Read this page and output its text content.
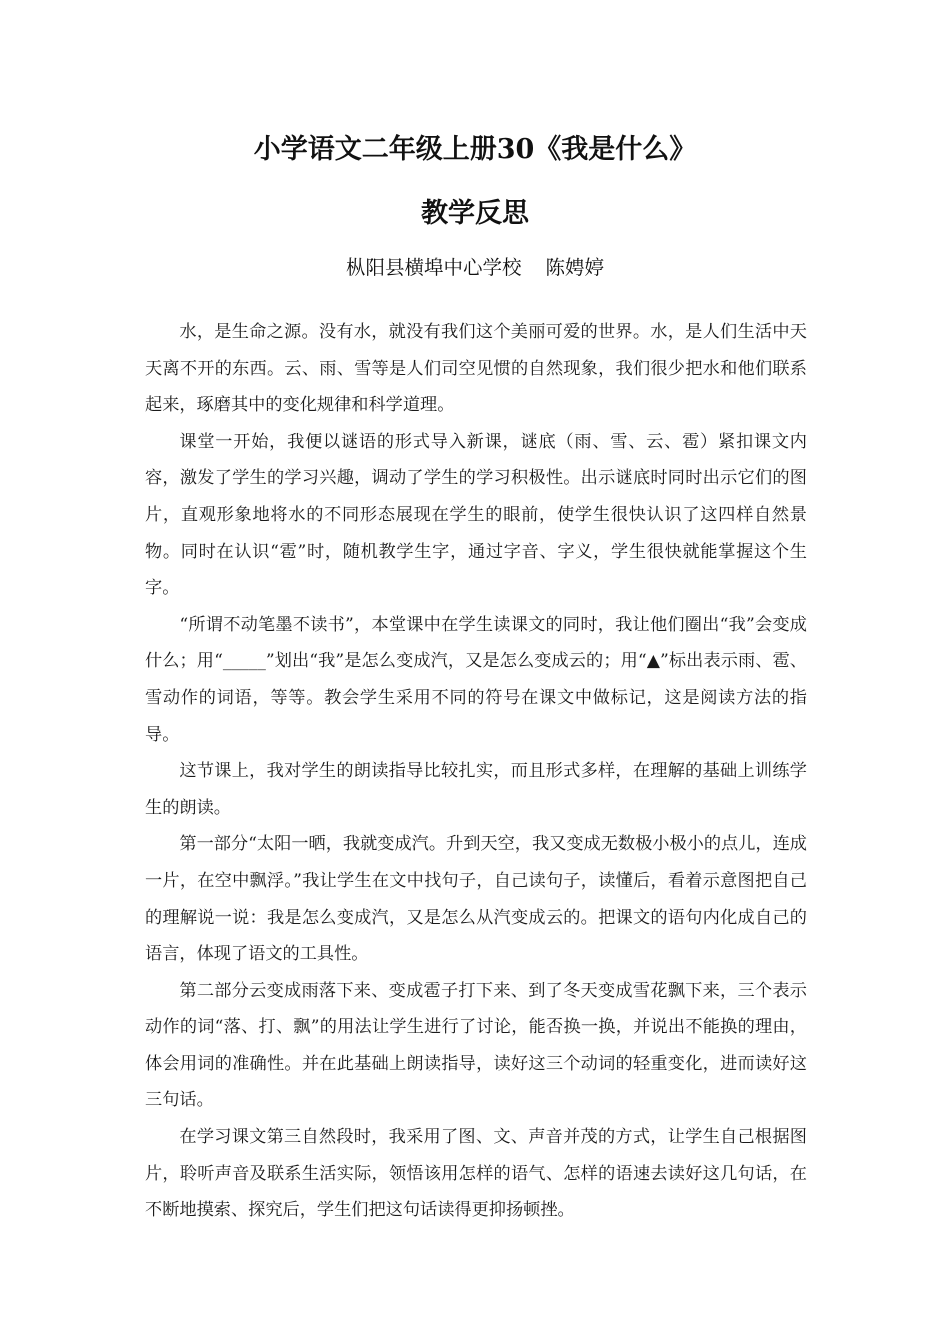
小学语文二年级上册30《我是什么》
教学反思
枞阳县横埠中心学校 陈娉婷

水，是生命之源。没有水，就没有我们这个美丽可爱的世界。水，是人们生活中天天离不开的东西。云、雨、雪等是人们司空见惯的自然现象，我们很少把水和他们联系起来，琢磨其中的变化规律和科学道理。

课堂一开始，我便以谜语的形式导入新课，谜底（雨、雪、云、雹）紧扣课文内容，激发了学生的学习兴趣，调动了学生的学习积极性。出示谜底时同时出示它们的图片，直观形象地将水的不同形态展现在学生的眼前，使学生很快认识了这四样自然景物。同时在认识“雹”时，随机教学生字，通过字音、字义，学生很快就能掌握这个生字。

“所谓不动笔墨不读书”，本堂课中在学生读课文的同时，我让他们圈出“我”会变成什么；用“_____”划出“我”是怎么变成汽，又是怎么变成云的；用“▲”标出表示雨、雹、雪动作的词语，等等。教会学生采用不同的符号在课文中做标记，这是阅读方法的指导。

这节课上，我对学生的朗读指导比较扎实，而且形式多样，在理解的基础上训练学生的朗读。

第一部分“太阳一晒，我就变成汽。升到天空，我又变成无数极小极小的点儿，连成一片，在空中飘浮。”我让学生在文中找句子，自己读句子，读懂后，看着示意图把自己的理解说一说：我是怎么变成汽，又是怎么从汽变成云的。把课文的语句内化成自己的语言，体现了语文的工具性。

第二部分云变成雨落下来、变成雹子打下来、到了冬天变成雪花飘下来，三个表示动作的词“落、打、飘”的用法让学生进行了讨论，能否换一换，并说出不能换的理由，体会用词的准确性。并在此基础上朗读指导，读好这三个动词的轻重变化，进而读好这三句话。

在学习课文第三自然段时，我采用了图、文、声音并茂的方式，让学生自己根据图片，聆听声音及联系生活实际，领悟该用怎样的语气、怎样的语速去读好这几句话，在不断地摸索、探究后，学生们把这句话读得更抑扬顿挫。
